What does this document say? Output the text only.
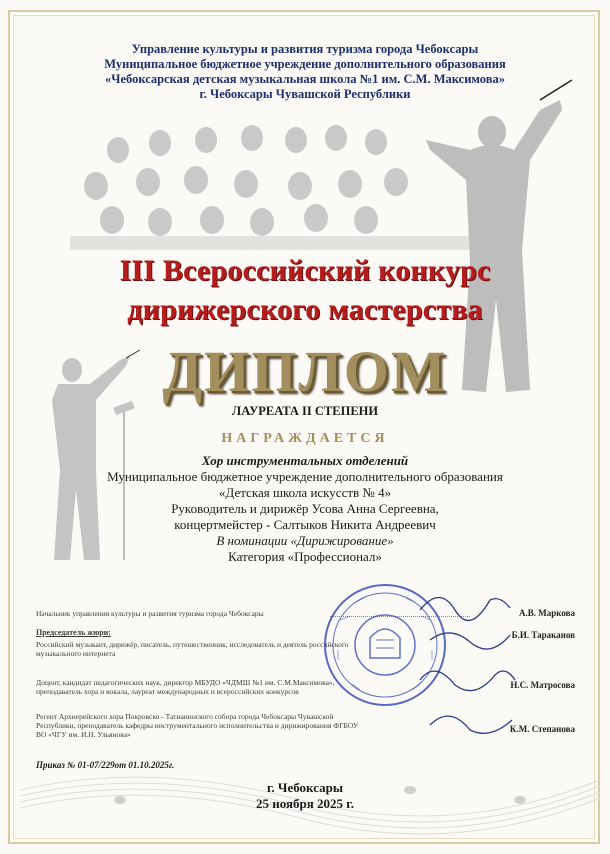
Управление культуры и развития туризма города Чебоксары
Муниципальное бюджетное учреждение дополнительного образования
«Чебоксарская детская музыкальная школа №1 им. С.М. Максимова»
г. Чебоксары Чувашской Республики
III Всероссийский конкурс
дирижерского мастерства
ДИПЛОМ
ЛАУРЕАТА II СТЕПЕНИ
НАГРАЖДАЕТСЯ
Хор инструментальных отделений
Муниципальное бюджетное учреждение дополнительного образования
«Детская школа искусств № 4»
Руководитель и дирижёр Усова Анна Сергеевна,
концертмейстер - Салтыков Никита Андреевич
В номинации «Дирижирование»
Категория «Профессионал»
Начальник управления культуры и развития туризма города Чебоксары	А.В. Маркова
Председатель жюри:
Российский музыкант, дирижёр, писатель, путешественник, исследователь и деятель российского музыкального интернета
Б.И. Тараканов
Доцент, кандидат педагогических наук, директор МБУДО «ЧДМШ №1 им. С.М.Максимова», преподаватель хора и вокала, лауреат международных и всероссийских конкурсов
Н.С. Матросова
Регент Архиерейского хора Покровско - Татианинского собора города Чебоксары Чувашской Республики, преподаватель кафедры инструментального исполнительства и дирижирования ФГБОУ ВО «ЧГУ им. И.Н. Ульянова»
К.М. Степанова
Приказ № 01-07/229от 01.10.2025г.
г. Чебоксары
25 ноября 2025 г.
